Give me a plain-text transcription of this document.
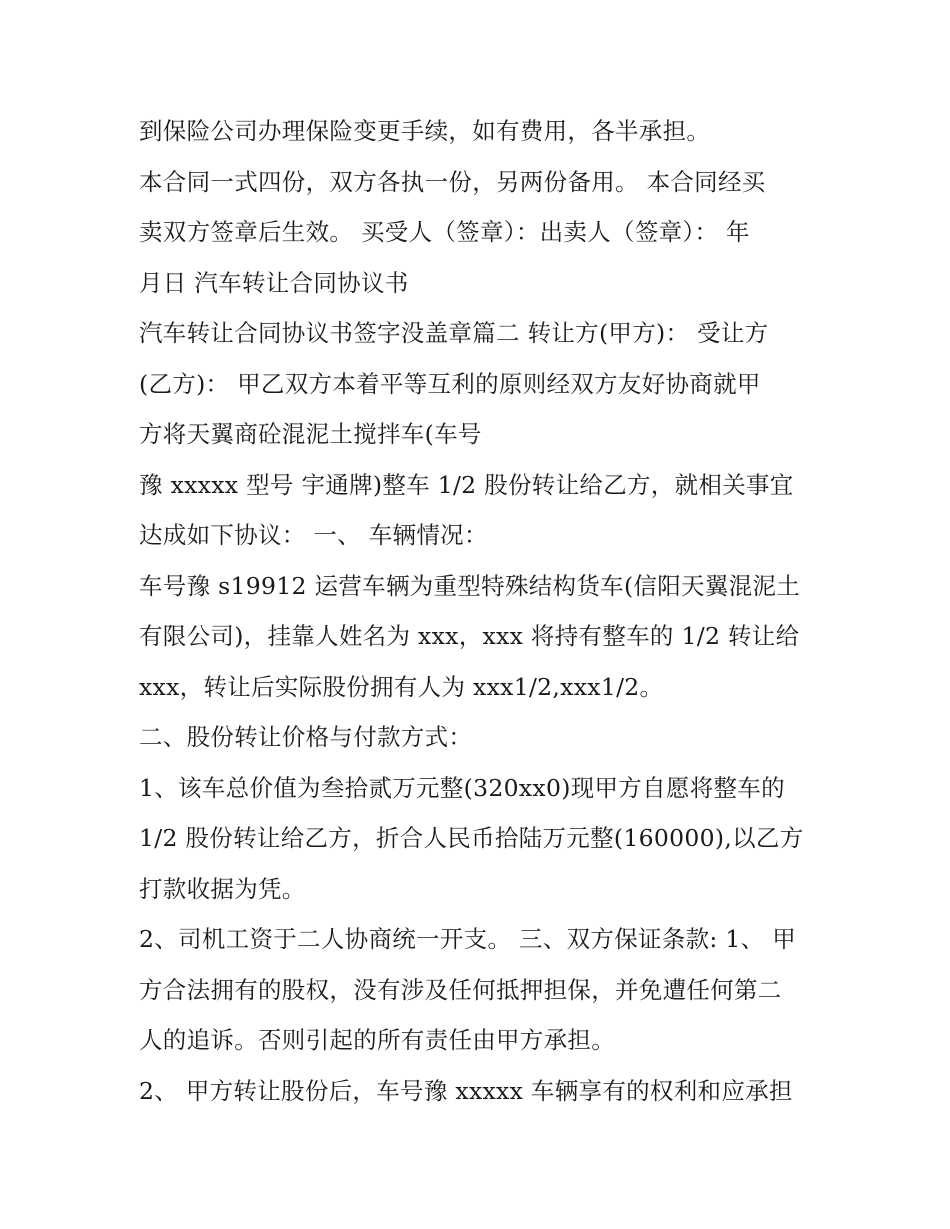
到保险公司办理保险变更手续，如有费用，各半承担。
本合同一式四份，双方各执一份，另两份备用。 本合同经买
卖双方签章后生效。 买受人（签章）：出卖人（签章）： 年
月日 汽车转让合同协议书
汽车转让合同协议书签字没盖章篇二 转让方(甲方)： 受让方
(乙方)： 甲乙双方本着平等互利的原则经双方友好协商就甲
方将天翼商砼混泥土搅拌车(车号
豫 xxxxx 型号 宇通牌)整车 1/2 股份转让给乙方，就相关事宜
达成如下协议： 一、 车辆情况：
车号豫 s19912 运营车辆为重型特殊结构货车(信阳天翼混泥土
有限公司)，挂靠人姓名为 xxx，xxx 将持有整车的 1/2 转让给
xxx，转让后实际股份拥有人为 xxx1/2,xxx1/2。
二、股份转让价格与付款方式：
1、该车总价值为叁拾贰万元整(320xx0)现甲方自愿将整车的
1/2 股份转让给乙方，折合人民币拾陆万元整(160000),以乙方
打款收据为凭。
2、司机工资于二人协商统一开支。 三、双方保证条款: 1、 甲
方合法拥有的股权，没有涉及任何抵押担保，并免遭任何第二
人的追诉。否则引起的所有责任由甲方承担。
2、 甲方转让股份后，车号豫 xxxxx 车辆享有的权利和应承担
